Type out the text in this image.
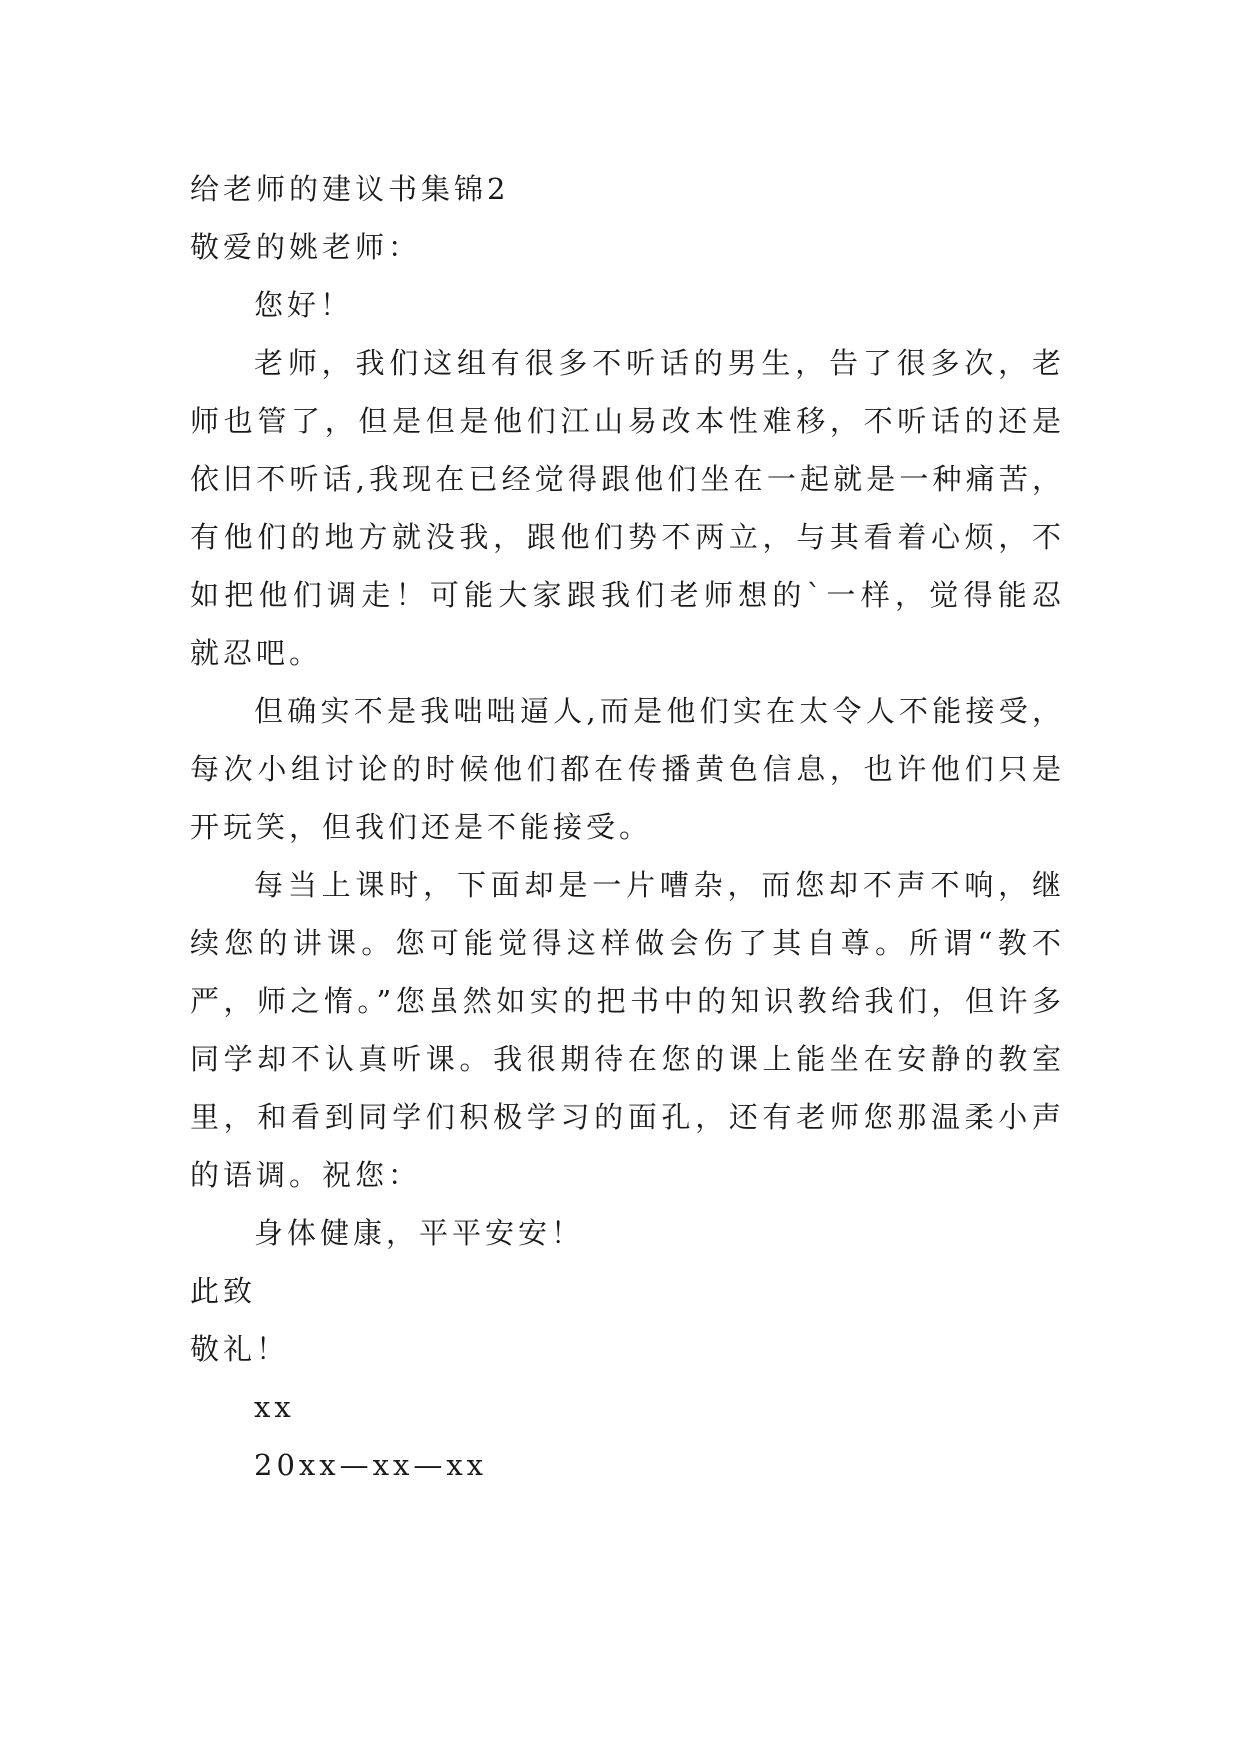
给老师的建议书集锦2

敬爱的姚老师：

您好！

老师，我们这组有很多不听话的男生，告了很多次，老师也管了，但是但是他们江山易改本性难移，不听话的还是依旧不听话,我现在已经觉得跟他们坐在一起就是一种痛苦，有他们的地方就没我，跟他们势不两立，与其看着心烦，不如把他们调走！可能大家跟我们老师想的`一样，觉得能忍就忍吧。

但确实不是我咄咄逼人,而是他们实在太令人不能接受，每次小组讨论的时候他们都在传播黄色信息，也许他们只是开玩笑，但我们还是不能接受。

每当上课时，下面却是一片嘈杂，而您却不声不响，继续您的讲课。您可能觉得这样做会伤了其自尊。所谓“教不严，师之惰。”您虽然如实的把书中的知识教给我们，但许多同学却不认真听课。我很期待在您的课上能坐在安静的教室里，和看到同学们积极学习的面孔，还有老师您那温柔小声的语调。祝您：

身体健康，平平安安！

此致

敬礼！

xx

20xx—xx—xx
